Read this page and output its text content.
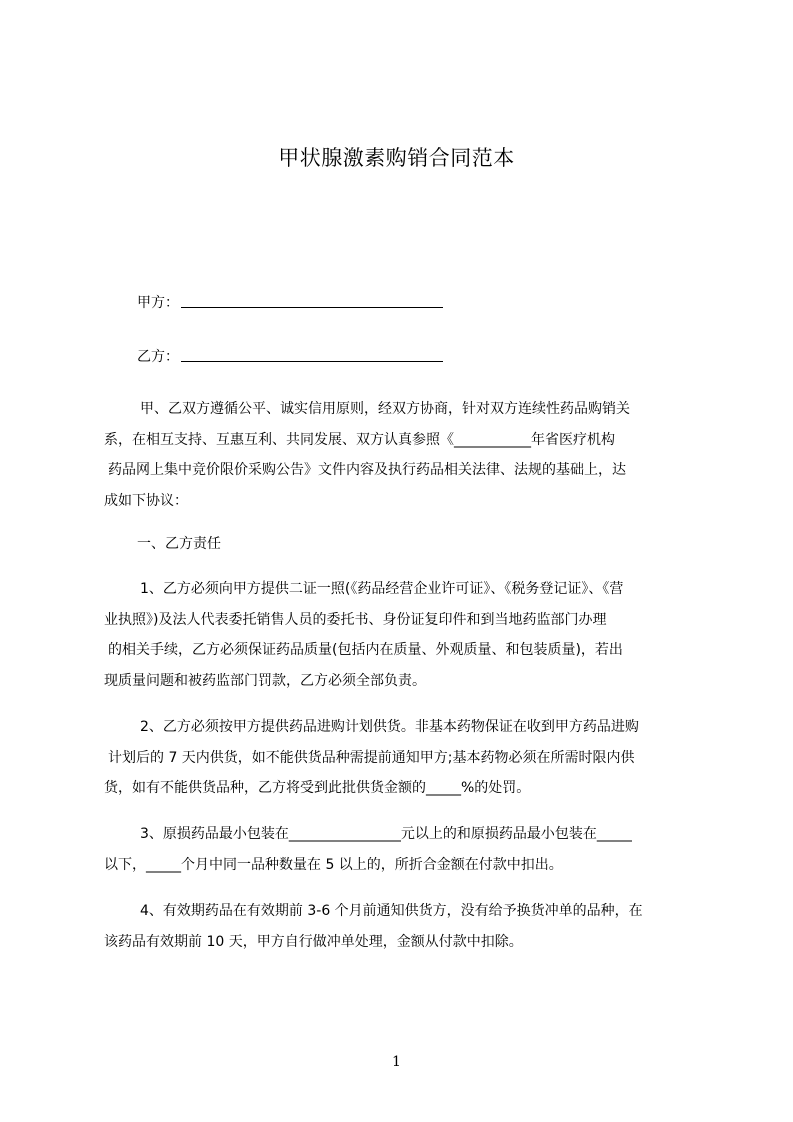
甲状腺激素购销合同范本
甲方：
乙方：
甲、乙双方遵循公平、诚实信用原则，经双方协商，针对双方连续性药品购销关
系，在相互支持、互惠互利、共同发展、双方认真参照《___________年省医疗机构
药品网上集中竞价限价采购公告》文件内容及执行药品相关法律、法规的基础上，达
成如下协议：
一、乙方责任
1、乙方必须向甲方提供二证一照(《药品经营企业许可证》、《税务登记证》、《营
业执照》)及法人代表委托销售人员的委托书、身份证复印件和到当地药监部门办理
的相关手续，乙方必须保证药品质量(包括内在质量、外观质量、和包装质量)，若出
现质量问题和被药监部门罚款，乙方必须全部负责。
2、乙方必须按甲方提供药品进购计划供货。非基本药物保证在收到甲方药品进购
计划后的 7 天内供货，如不能供货品种需提前通知甲方;基本药物必须在所需时限内供
货，如有不能供货品种，乙方将受到此批供货金额的_____%的处罚。
3、原损药品最小包装在________________元以上的和原损药品最小包装在_____
以下，_____个月中同一品种数量在 5 以上的，所折合金额在付款中扣出。
4、有效期药品在有效期前 3-6 个月前通知供货方，没有给予换货冲单的品种，在
该药品有效期前 10 天，甲方自行做冲单处理，金额从付款中扣除。
1
